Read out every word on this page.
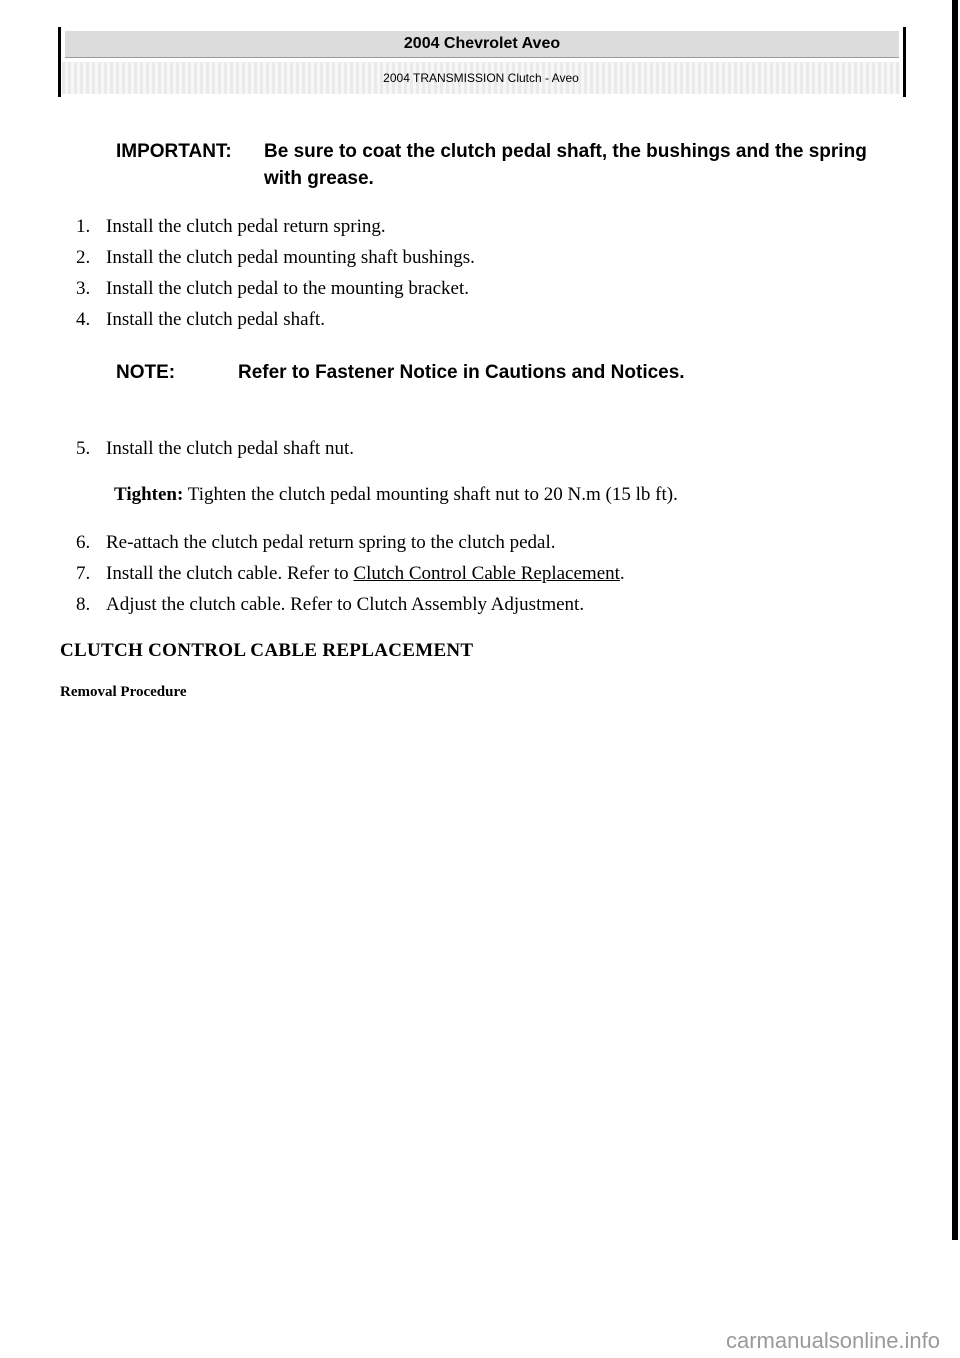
2004 Chevrolet Aveo
2004 TRANSMISSION Clutch - Aveo
IMPORTANT: Be sure to coat the clutch pedal shaft, the bushings and the spring with grease.
1. Install the clutch pedal return spring.
2. Install the clutch pedal mounting shaft bushings.
3. Install the clutch pedal to the mounting bracket.
4. Install the clutch pedal shaft.
NOTE:	Refer to Fastener Notice in Cautions and Notices.
5. Install the clutch pedal shaft nut.
Tighten: Tighten the clutch pedal mounting shaft nut to 20 N.m (15 lb ft).
6. Re-attach the clutch pedal return spring to the clutch pedal.
7. Install the clutch cable. Refer to Clutch Control Cable Replacement.
8. Adjust the clutch cable. Refer to Clutch Assembly Adjustment.
CLUTCH CONTROL CABLE REPLACEMENT
Removal Procedure
carmanualsonline.info
